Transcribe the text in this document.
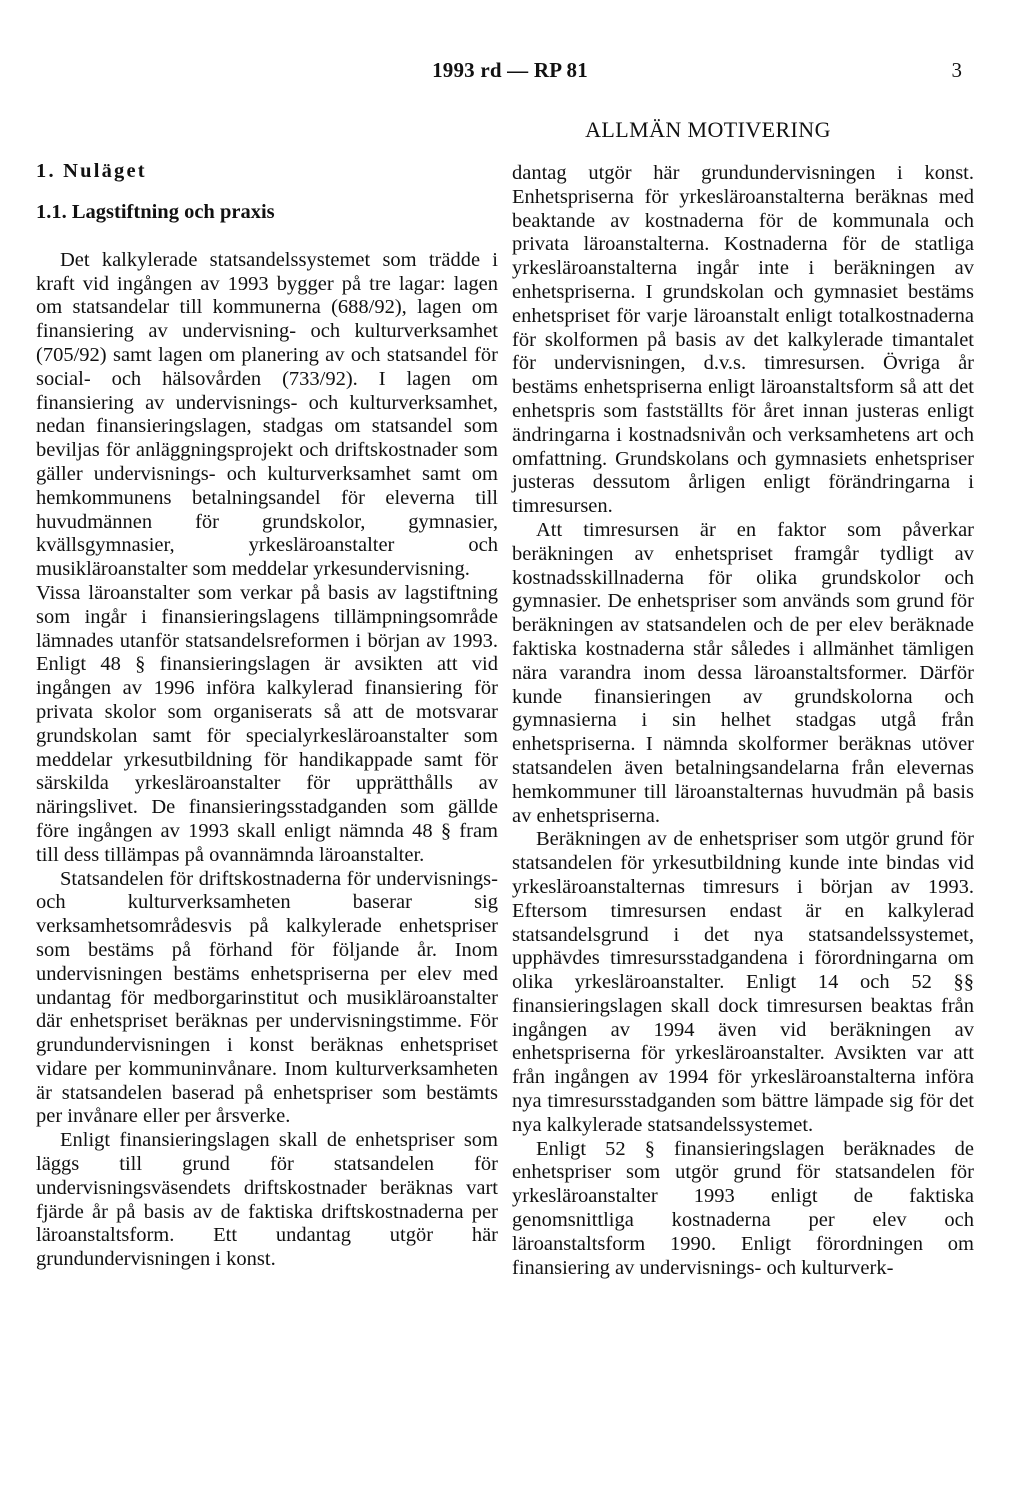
1993 rd — RP 81	3
ALLMÄN MOTIVERING
1. Nuläget
1.1. Lagstiftning och praxis

Det kalkylerade statsandelssystemet som trädde i kraft vid ingången av 1993 bygger på tre lagar: lagen om statsandelar till kommunerna (688/92), lagen om finansiering av undervisning- och kulturverksamhet (705/92) samt lagen om planering av och statsandel för social- och hälsovården (733/92). I lagen om finansiering av undervisnings- och kulturverksamhet, nedan finansieringslagen, stadgas om statsandel som beviljas för anläggningsprojekt och driftskostnader som gäller undervisnings- och kulturverksamhet samt om hemkommunens betalningsandel för eleverna till huvudmännen för grundskolor, gymnasier, kvällsgymnasier, yrkesläroanstalter och musikläroanstalter som meddelar yrkesundervisning.

Vissa läroanstalter som verkar på basis av lagstiftning som ingår i finansieringslagens tillämpningsområde lämnades utanför statsandelsreformen i början av 1993. Enligt 48 § finansieringslagen är avsikten att vid ingången av 1996 införa kalkylerad finansiering för privata skolor som organiserats så att de motsvarar grundskolan samt för specialyrkesläroanstalter som meddelar yrkesutbildning för handikappade samt för särskilda yrkesläroanstalter för upprätthålls av näringslivet. De finansieringsstadganden som gällde före ingången av 1993 skall enligt nämnda 48 § fram till dess tillämpas på ovannämnda läroanstalter.

Statsandelen för driftskostnaderna för undervisnings- och kulturverksamheten baserar sig verksamhetsområdesvis på kalkylerade enhetspriser som bestäms på förhand för följande år. Inom undervisningen bestäms enhetspriserna per elev med undantag för medborgarinstitut och musikläroanstalter där enhetspriset beräknas per undervisningstimme. För grundundervisningen i konst beräknas enhetspriset vidare per kommuninvånare. Inom kulturverksamheten är statsandelen baserad på enhetspriser som bestämts per invånare eller per årsverke.

Enligt finansieringslagen skall de enhetspriser som läggs till grund för statsandelen för undervisningsväsendets driftskostnader beräknas vart fjärde år på basis av de faktiska driftskostnaderna per läroanstaltsform. Ett undantag utgör här grundundervisningen i konst.

dantag utgör här grundundervisningen i konst. Enhetspriserna för yrkesläroanstalterna beräknas med beaktande av kostnaderna för de kommunala och privata läroanstalterna. Kostnaderna för de statliga yrkesläroanstalterna ingår inte i beräkningen av enhetspriserna. I grundskolan och gymnasiet bestäms enhetspriset för varje läroanstalt enligt totalkostnaderna för skolformen på basis av det kalkylerade timantalet för undervisningen, d.v.s. timresursen. Övriga år bestäms enhetspriserna enligt läroanstaltsform så att det enhetspris som fastställts för året innan justeras enligt ändringarna i kostnadsnivån och verksamhetens art och omfattning. Grundskolans och gymnasiets enhetspriser justeras dessutom årligen enligt förändringarna i timresursen.

Att timresursen är en faktor som påverkar beräkningen av enhetspriset framgår tydligt av kostnadsskillnaderna för olika grundskolor och gymnasier. De enhetspriser som används som grund för beräkningen av statsandelen och de per elev beräknade faktiska kostnaderna står således i allmänhet tämligen nära varandra inom dessa läroanstaltsformer. Därför kunde finansieringen av grundskolorna och gymnasierna i sin helhet stadgas utgå från enhetspriserna. I nämnda skolformer beräknas utöver statsandelen även betalningsandelarna från elevernas hemkommuner till läroanstalternas huvudmän på basis av enhetspriserna.

Beräkningen av de enhetspriser som utgör grund för statsandelen för yrkesutbildning kunde inte bindas vid yrkesläroanstalternas timresurs i början av 1993. Eftersom timresursen endast är en kalkylerad statsandelsgrund i det nya statsandelssystemet, upphävdes timresursstadgandena i förordningarna om olika yrkesläroanstalter. Enligt 14 och 52 §§ finansieringslagen skall dock timresursen beaktas från ingången av 1994 även vid beräkningen av enhetspriserna för yrkesläroanstalter. Avsikten var att från ingången av 1994 för yrkesläroanstalterna införa nya timresursstadganden som bättre lämpade sig för det nya kalkylerade statsandelssystemet.

Enligt 52 § finansieringslagen beräknades de enhetspriser som utgör grund för statsandelen för yrkesläroanstalter 1993 enligt de faktiska genomsnittliga kostnaderna per elev och läroanstaltsform 1990. Enligt förordningen om finansiering av undervisnings- och kulturverk-
